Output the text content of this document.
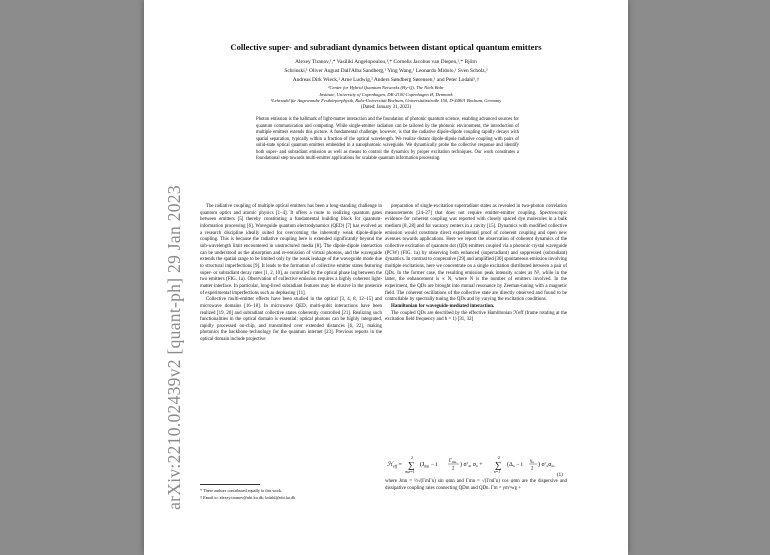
arXiv:2210.02439v2 [quant-ph] 29 Jan 2023
Collective super- and subradiant dynamics between distant optical quantum emitters
Alexey Tiranov,¹,* Vasiliki Angelopoulou,¹,* Cornelis Jacobus van Diepen,¹,* Björn
Schrinski,¹ Oliver August Dall'Alba Sandberg,¹ Ying Wang,¹ Leonardo Midolo,¹ Sven Scholz,²
Andreas Dirk Wieck,² Arne Ludwig,² Anders Søndberg Sørensen,¹ and Peter Lodahl¹,†
¹Center for Hybrid Quantum Networks (Hy-Q), The Niels Bohr
Institute, University of Copenhagen, DK-2100 Copenhagen Ø, Denmark
²Lehrstuhl für Angewandte Festkörperphysik, Ruhr-Universität Bochum, Universitätsstraße 150, D-44801 Bochum, Germany
(Dated: January 31, 2023)
Photon emission is the hallmark of light-matter interaction and the foundation of photonic quantum science, enabling advanced sources for quantum communication and computing. While single-emitter radiation can be tailored by the photonic environment, the introduction of multiple emitters extends this picture. A fundamental challenge, however, is that the radiative dipole-dipole coupling rapidly decays with spatial separation, typically within a fraction of the optical wavelength. We realize distant dipole-dipole radiative coupling with pairs of solid-state optical quantum emitters embedded in a nanophotonic waveguide. We dynamically probe the collective response and identify both super- and subradiant emission as well as means to control the dynamics by proper excitation techniques. Our work constitutes a foundational step towards multi-emitter applications for scalable quantum information processing.

The radiative coupling of multiple optical emitters has been a long-standing challenge in quantum optics and atomic physics [1–4]. It offers a route to realizing quantum gates between emitters [5] thereby constituting a fundamental building block for quantum-information processing [6]. Waveguide quantum electrodynamics (QED) [7] has evolved as a research discipline ideally suited for overcoming the inherently weak dipole-dipole coupling. This is because the radiative coupling here is extended significantly beyond the sub-wavelength limit encountered in unstructured media [8]. The dipole-dipole interaction can be understood as the absorption and re-emission of virtual photons, and the waveguide extends the spatial range to be limited only by the weak leakage of the waveguide mode due to structural imperfections [9]. It leads to the formation of collective emitter states featuring super- or subradiant decay rates [1, 2, 10], as controlled by the optical phase lag between the two emitters (FIG. 1a). Observation of collective emission requires a highly coherent light-matter interface. In particular, long-lived subradiant features may be elusive in the presence of experimental imperfections such as dephasing [11].

Collective multi-emitter effects have been studied in the optical [3, 4, 8, 12–15] and microwave domains [16–18]. In microwave QED, multi-qubit interactions have been realized [19, 20] and subradiant collective states coherently controlled [21]. Realizing such functionalities in the optical domain is essential: optical photons can be highly integrated, rapidly processed on-chip, and transmitted over extended distances [6, 22], making photonics the backbone technology for the quantum internet [23]. Previous reports in the optical domain include projective

preparation of single-excitation superradiant states as revealed in two-photon correlation measurements [24–27] that does not require emitter-emitter coupling. Spectroscopic evidence for coherent coupling was reported with closely spaced dye molecules in a bulk medium [8, 28] and for vacancy centers in a cavity [15]. Dynamics with modified collective emission would constitute direct experimental proof of coherent coupling and open new avenues towards applications. Here we report the observation of coherent dynamics of the collective excitation of quantum dot (QD) emitters coupled via a photonic crystal waveguide (PCW) (FIG. 1a) by observing both enhanced (superradiant) and suppressed (subradiant) dynamics. In contrast to cooperative [29] and amplified [30] spontaneous emission involving multiple excitations, here we concentrate on a single excitation distributed between a pair of QDs. In the former case, the resulting emission peak intensity scales as N², while in the latter, the enhancement is ∝ N, where N is the number of emitters involved. In the experiment, the QDs are brought into mutual resonance by Zeeman-tuning with a magnetic field. The coherent oscillations of the collective state are directly observed and found to be controllable by spectrally tuning the QDs and by varying the excitation conditions.

Hamiltonian for waveguide-mediated interaction.

The coupled QDs are described by the effective Hamiltonian ℋeff (frame rotating at the excitation field frequency and ħ = 1) [31, 32]

ℋ$_{eff}$ =
2
∑
m,n=1
($J_{mn} - i$
$\Gamma_{mn}$
2
) $\sigma^\dagger_m$ σn +
2
∑
n=1
(Δn − i
$\gamma_n$
2
) $\sigma^\dagger_n\sigma n$,
(1)

where Jmn = ½√(ΓmΓn) sin φmn and Γmn = √(ΓmΓn) cos φmn are the dispersive and dissipative coupling rates connecting QDm and QDn. Γm = γm^wg +

* These authors contributed equally to this work.
† Email to: alexey.tiranov@nbi.ku.dk; lodahl@nbi.ku.dk
